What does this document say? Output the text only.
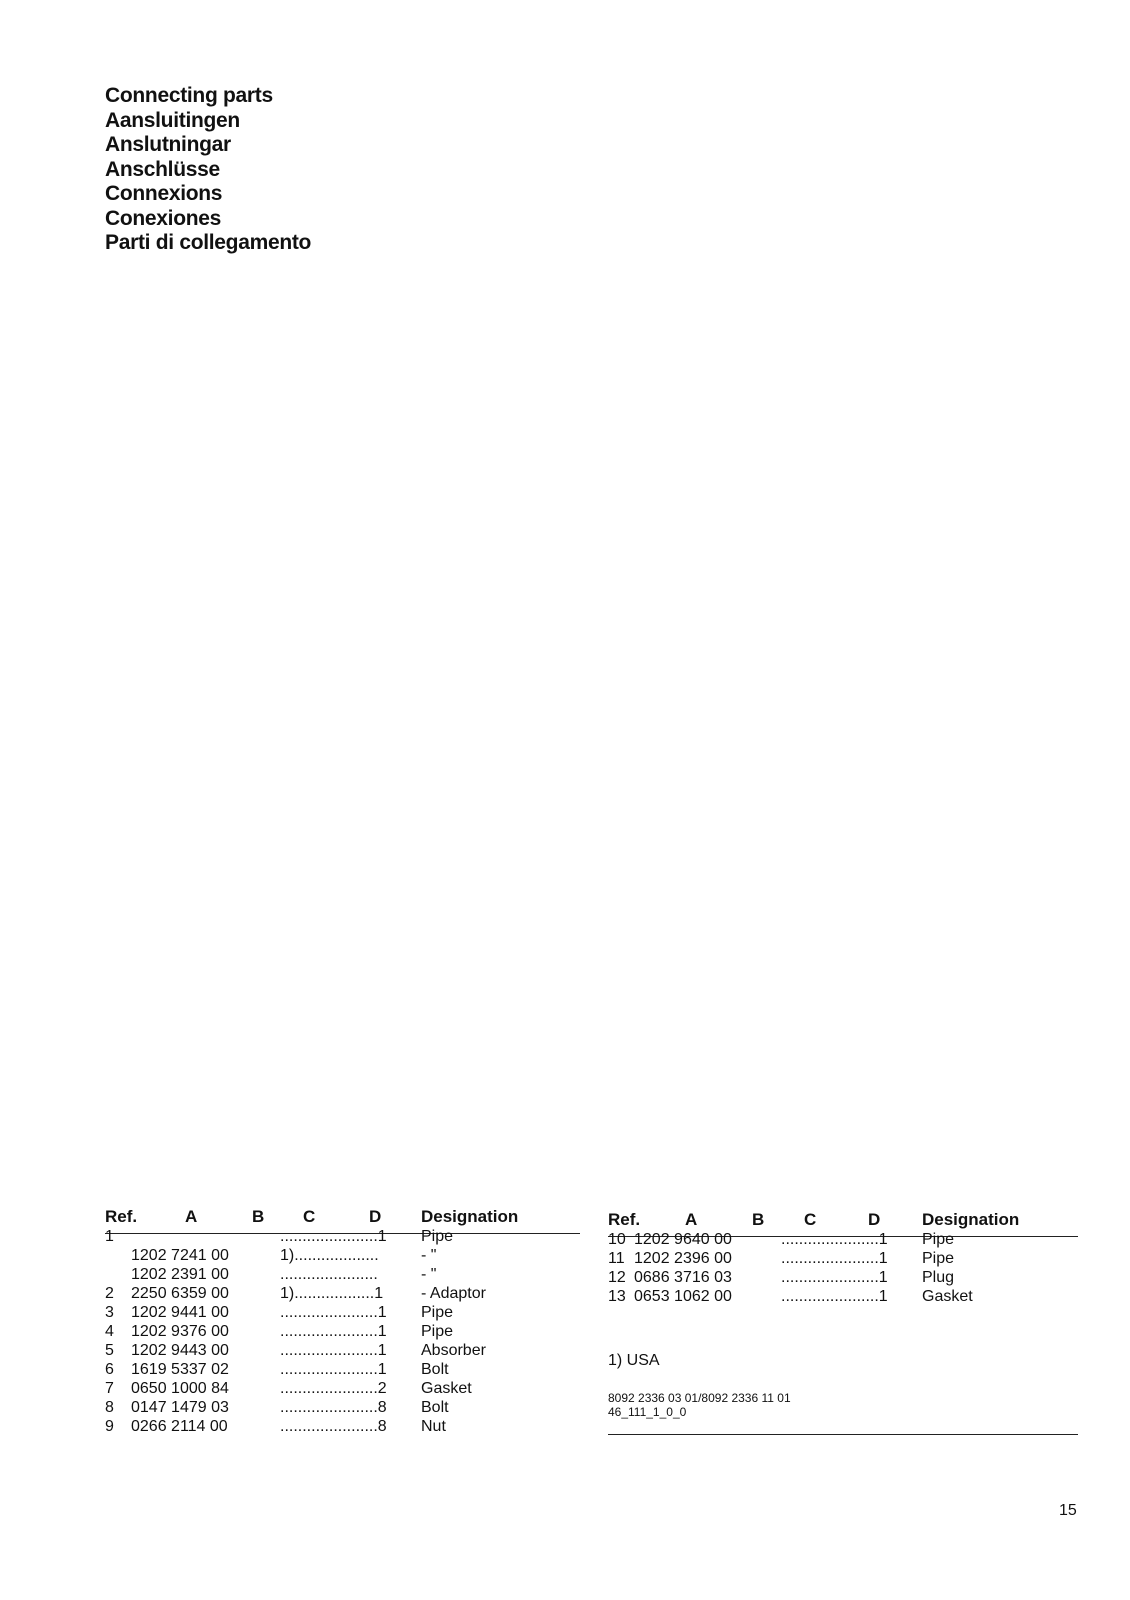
Connecting parts
Aansluitingen
Anslutningar
Anschlüsse
Connexions
Conexiones
Parti di collegamento
Ref.	A	B C	D Designation
1	......................1 Pipe
1202 7241 00	1)...................	- "
1202 2391 00	......................	- "
2 2250 6359 00	1)..................1 - Adaptor
3 1202 9441 00	......................1 Pipe
4 1202 9376 00	......................1 Pipe
5 1202 9443 00	......................1 Absorber
6 1619 5337 02	......................1 Bolt
7 0650 1000 84	......................2 Gasket
8 0147 1479 03	......................8 Bolt
9 0266 2114 00	......................8 Nut
Ref.	A	B C	D Designation
10 1202 9640 00	......................1 Pipe
11 1202 2396 00	......................1 Pipe
12 0686 3716 03	......................1 Plug
13 0653 1062 00	......................1 Gasket
1) USA
8092 2336 03 01/8092 2336 11 01
46_111_1_0_0
15
